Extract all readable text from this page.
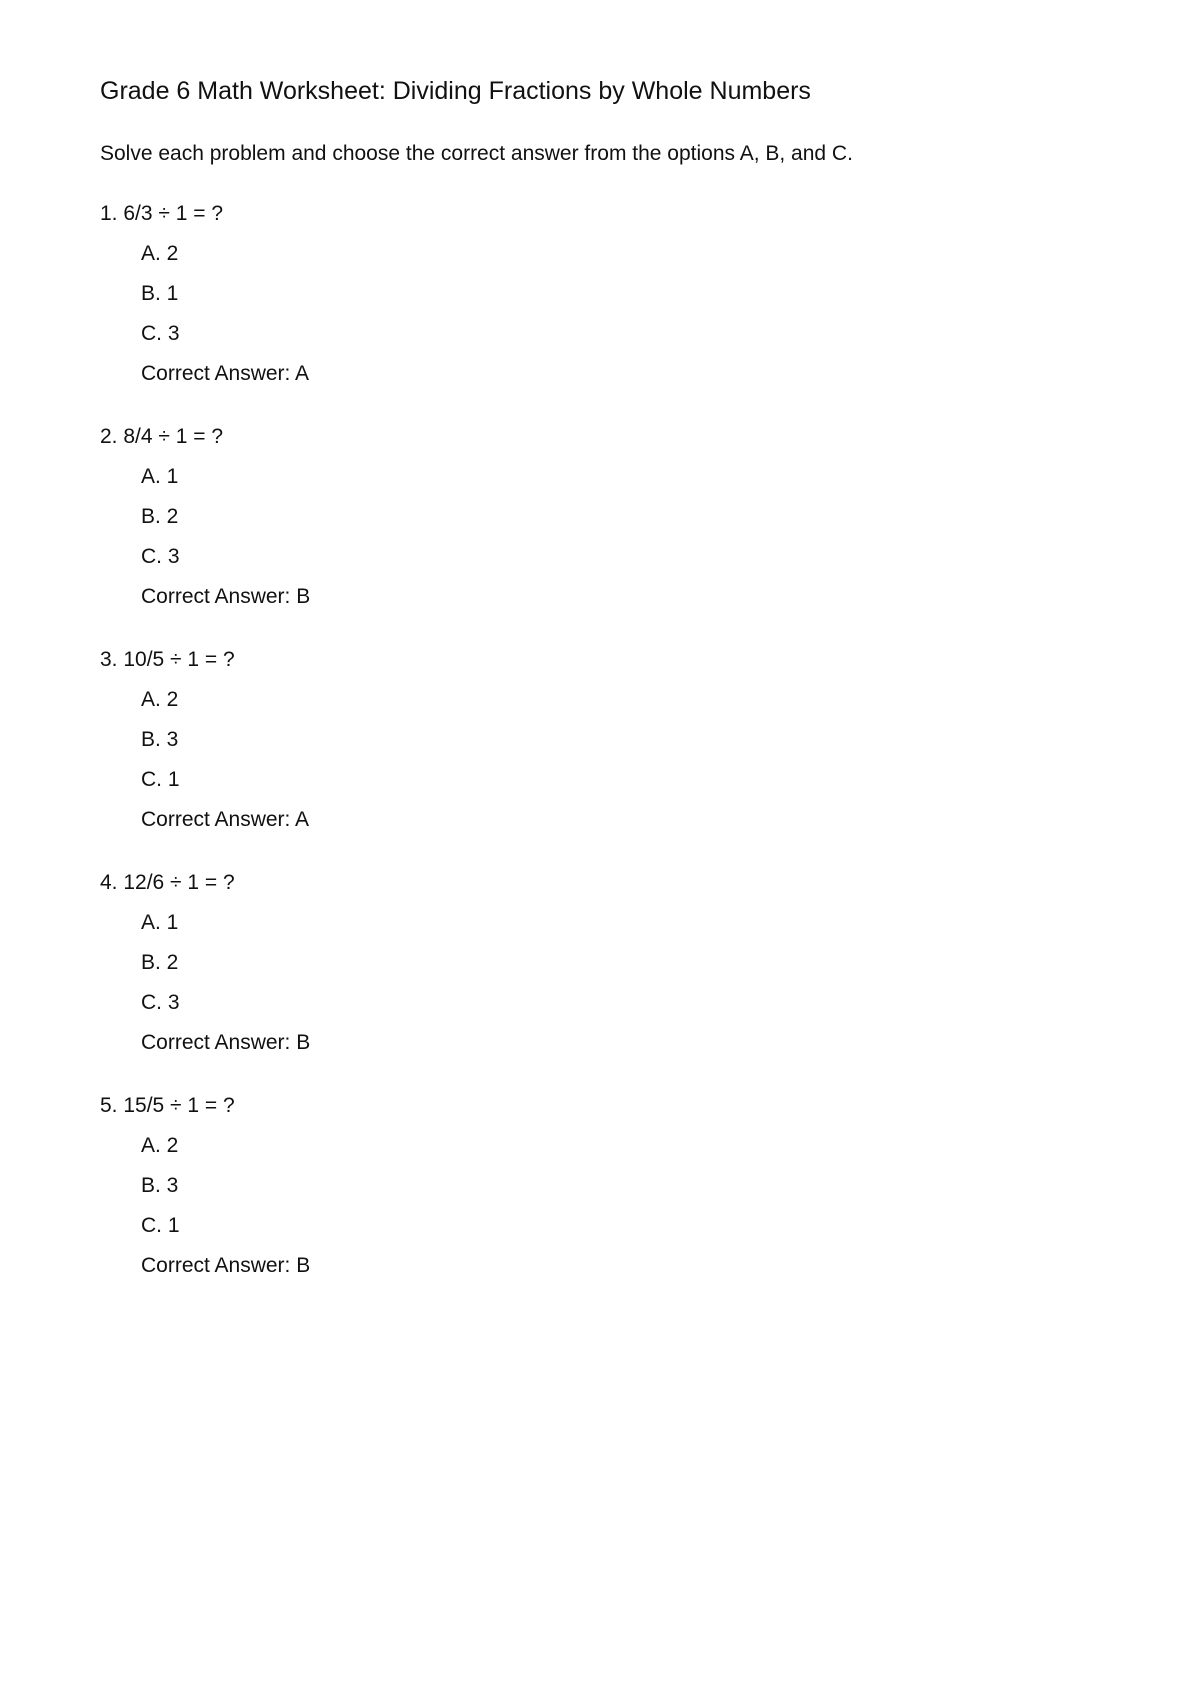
Grade 6 Math Worksheet: Dividing Fractions by Whole Numbers
Solve each problem and choose the correct answer from the options A, B, and C.
1. 6/3 ÷ 1 = ?
A. 2
B. 1
C. 3
Correct Answer: A
2. 8/4 ÷ 1 = ?
A. 1
B. 2
C. 3
Correct Answer: B
3. 10/5 ÷ 1 = ?
A. 2
B. 3
C. 1
Correct Answer: A
4. 12/6 ÷ 1 = ?
A. 1
B. 2
C. 3
Correct Answer: B
5. 15/5 ÷ 1 = ?
A. 2
B. 3
C. 1
Correct Answer: B
